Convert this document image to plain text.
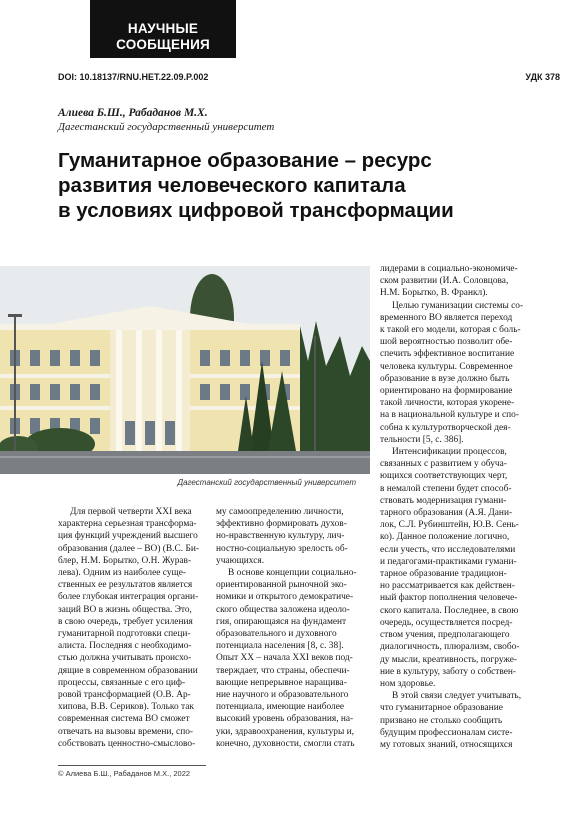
НАУЧНЫЕ
СООБЩЕНИЯ
DOI: 10.18137/RNU.HET.22.09.P.002	УДК 378
Алиева Б.Ш., Рабаданов М.Х.
Дагестанский государственный университет
Гуманитарное образование – ресурс
развития человеческого капитала
в условиях цифровой трансформации
Дагестанский государственный университет

Для первой четверти XXI века

характерна серьезная трансформа-
ция функций учреждений высшего
образования (далее – ВО) (В.С. Би-
блер, Н.М. Борытко, О.Н. Журав-
лева). Одним из наиболее суще-
ственных ее результатов является
более глубокая интеграция органи-
заций ВО в жизнь общества. Это,
в свою очередь, требует усиления
гуманитарной подготовки специ-
алиста. Последняя с необходимо-
стью должна учитывать происхо-
дящие в современном образовании
процессы, связанные с его циф-
ровой трансформацией (О.В. Ар-
хипова, В.В. Сериков). Только так
современная система ВО сможет
отвечать на вызовы времени, спо-
собствовать ценностно-смысловo-
му самоопределению личности,
эффективно формировать духов-
но-нравственную культуру, лич-
ностно-социальную зрелость об-
учающихся.

В основе концепции социально-

ориентированной рыночной эко-
номики и открытого демократиче-
ского общества заложена идеоло-
гия, опирающаяся на фундамент
образовательного и духовного
потенциала населения [8, с. 38].
Опыт XX – начала XXI веков под-
тверждает, что страны, обеспечи-
вающие непрерывное наращива-
ние научного и образовательного
потенциала, имеющие наиболее
высокий уровень образования, на-
уки, здравоохранения, культуры и,
конечно, духовности, смогли стать
лидерами в социально-экономиче-
ском развитии (И.А. Соловцова,
Н.М. Борытко, В. Франкл).

Целью гуманизации системы со-

временного ВО является переход
к такой его модели, которая с боль-
шой вероятностью позволит обе-
спечить эффективное воспитание
человека культуры. Современное
образование в вузе должно быть
ориентировано на формирование
такой личности, которая укорене-
на в национальной культуре и спо-
собна к культуротворческой дея-
тельности [5, с. 386].

Интенсификации процессов,

связанных с развитием у обуча-
ющихся соответствующих черт,
в немалой степени будет способ-
ствовать модернизация гумани-
тарного образования (А.Я. Дани-
лок, С.Л. Рубинштейн, Ю.В. Сень-
ко). Данное положение логично,
если учесть, что исследователями
и педагогами-практиками гумани-
тарное образование традицион-
но рассматривается как действен-
ный фактор пополнения человече-
ского капитала. Последнее, в свою
очередь, осуществляется посред-
ством учения, предполагающего
диалогичность, плюрализм, свобо-
ду мысли, креативность, погруже-
ние в культуру, заботу о собствен-
ном здоровье.

В этой связи следует учитывать,

что гуманитарное образование
призвано не столько сообщить
будущим профессионалам систе-
му готовых знаний, относящихся
© Алиева Б.Ш., Рабаданов М.Х., 2022
